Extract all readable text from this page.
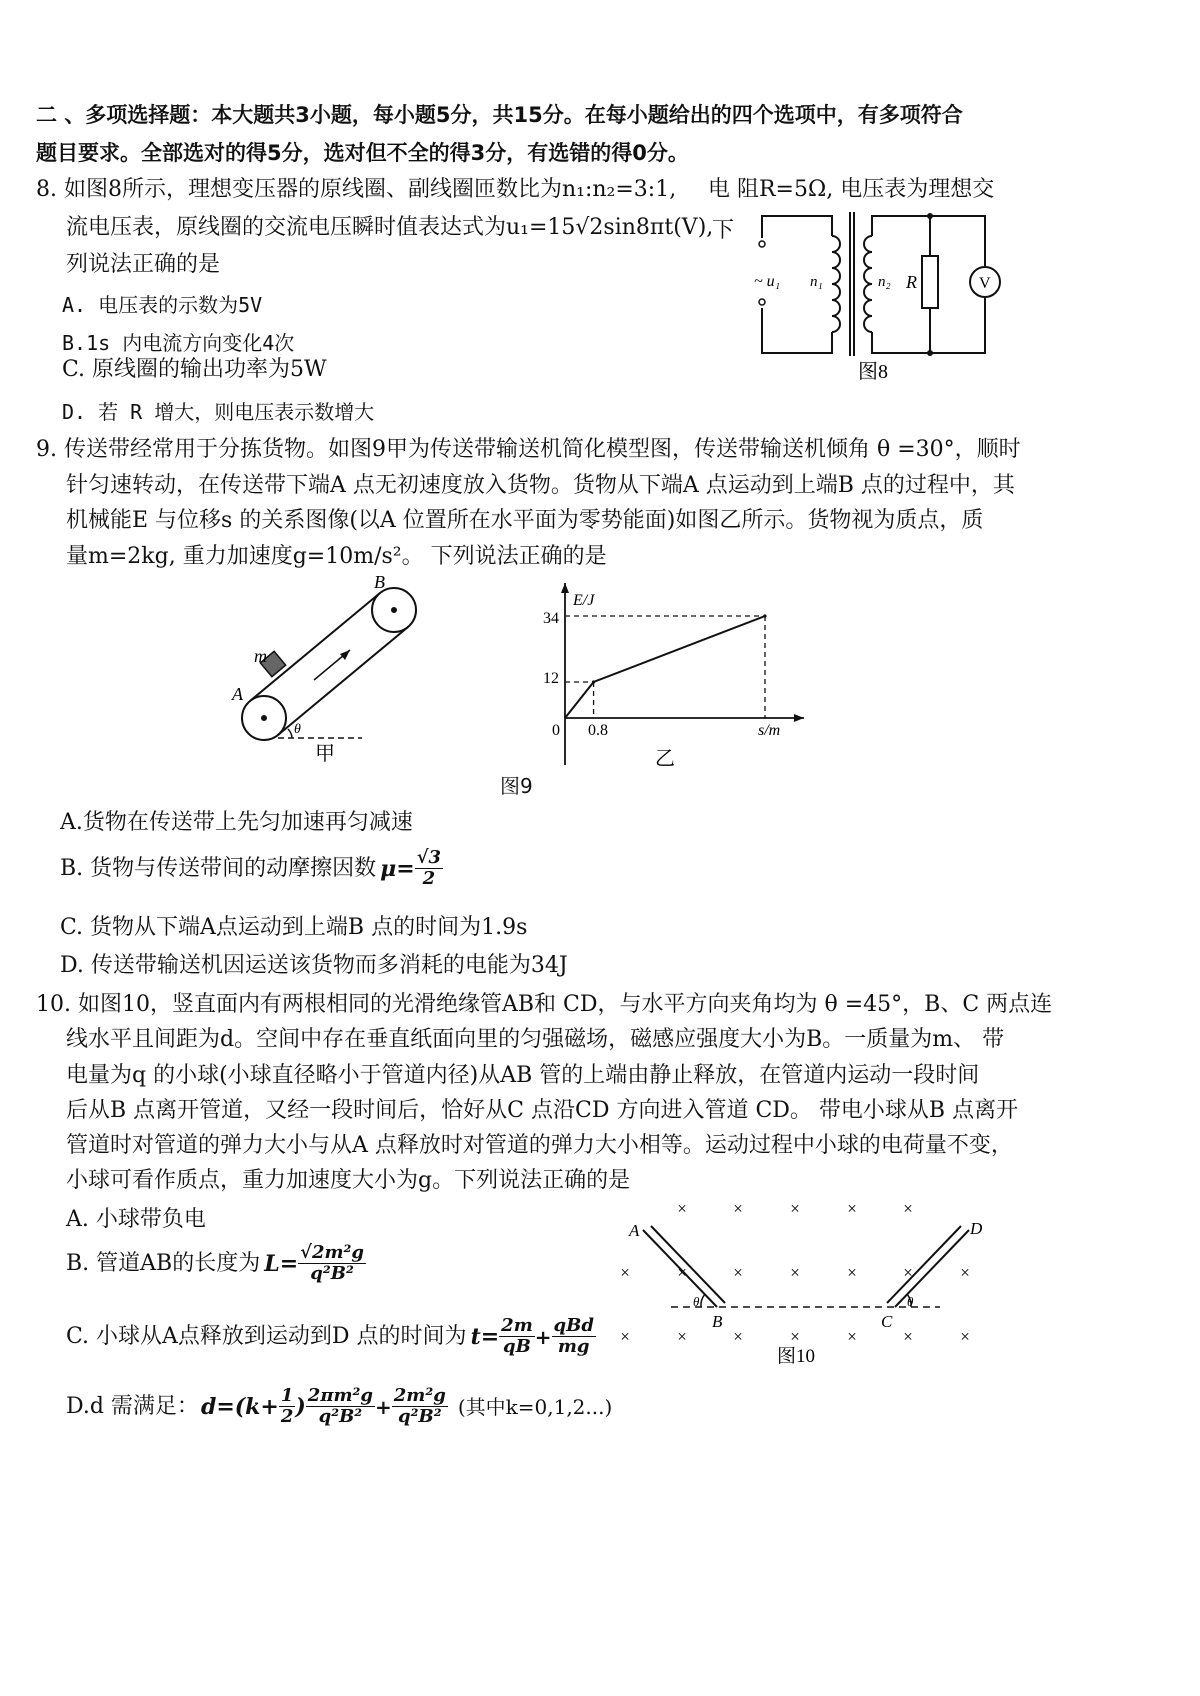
二 、多项选择题：本大题共3小题，每小题5分，共15分。在每小题给出的四个选项中，有多项符合
题目要求。全部选对的得5分，选对但不全的得3分，有选错的得0分。
8. 如图8所示，理想变压器的原线圈、副线圈匝数比为n₁:n₂=3:1, 电 阻R=5Ω, 电压表为理想交
流电压表，原线圈的交流电压瞬时值表达式为u₁=15√2sin8πt(V),
下
列说法正确的是
A. 电压表的示数为5V
B.1s 内电流方向变化4次
C. 原线圈的输出功率为5W
D. 若 R 增大，则电压表示数增大
~ u₁ n₁	n₂ R	V
图8
9. 传送带经常用于分拣货物。如图9甲为传送带输送机简化模型图，传送带输送机倾角 θ =30°，顺时
针匀速转动，在传送带下端A 点无初速度放入货物。货物从下端A 点运动到上端B 点的过程中，其
机械能E 与位移s 的关系图像(以A 位置所在水平面为零势能面)如图乙所示。货物视为质点，质
量m=2kg, 重力加速度g=10m/s²。 下列说法正确的是
A
B
m
θ
甲
E/J
s/m
0
34
12
0.8
乙
图9
A.货物在传送带上先匀加速再匀减速
B. 货物与传送带间的动摩擦因数 $\mu= \frac{√3}{2}$
C. 货物从下端A点运动到上端B 点的时间为1.9s
D. 传送带输送机因运送该货物而多消耗的电能为34J
10. 如图10，竖直面内有两根相同的光滑绝缘管AB和 CD，与水平方向夹角均为 θ =45°，B、C 两点连
线水平且间距为d。空间中存在垂直纸面向里的匀强磁场，磁感应强度大小为B。一质量为m、 带
电量为q 的小球(小球直径略小于管道内径)从AB 管的上端由静止释放，在管道内运动一段时间
后从B 点离开管道，又经一段时间后，恰好从C 点沿CD 方向进入管道 CD。 带电小球从B 点离开
管道时对管道的弹力大小与从A 点释放时对管道的弹力大小相等。运动过程中小球的电荷量不变，
小球可看作质点，重力加速度大小为g。下列说法正确的是
A. 小球带负电
B. 管道AB的长度为 $L= \frac{\text{√2m²g}}{\text{q²B²}}$
C. 小球从A点释放到运动到D 点的时间为 $t= \frac{2m}{qB} + \frac{\text{qBd}}{mg}$
D.d 需满足： $d=(k+ \frac{1}{2}$ ) $\frac{\text{2πm²g}}{\text{q²B²}} + \frac{\text{2m²g}}{\text{q²B²}}$ (其中k=0,1,2...)
×	×	×	×	×
×	×	×	×	×	×	×
×	×	×	×	×	×	×
A
B	C
D
θ	θ
图10
